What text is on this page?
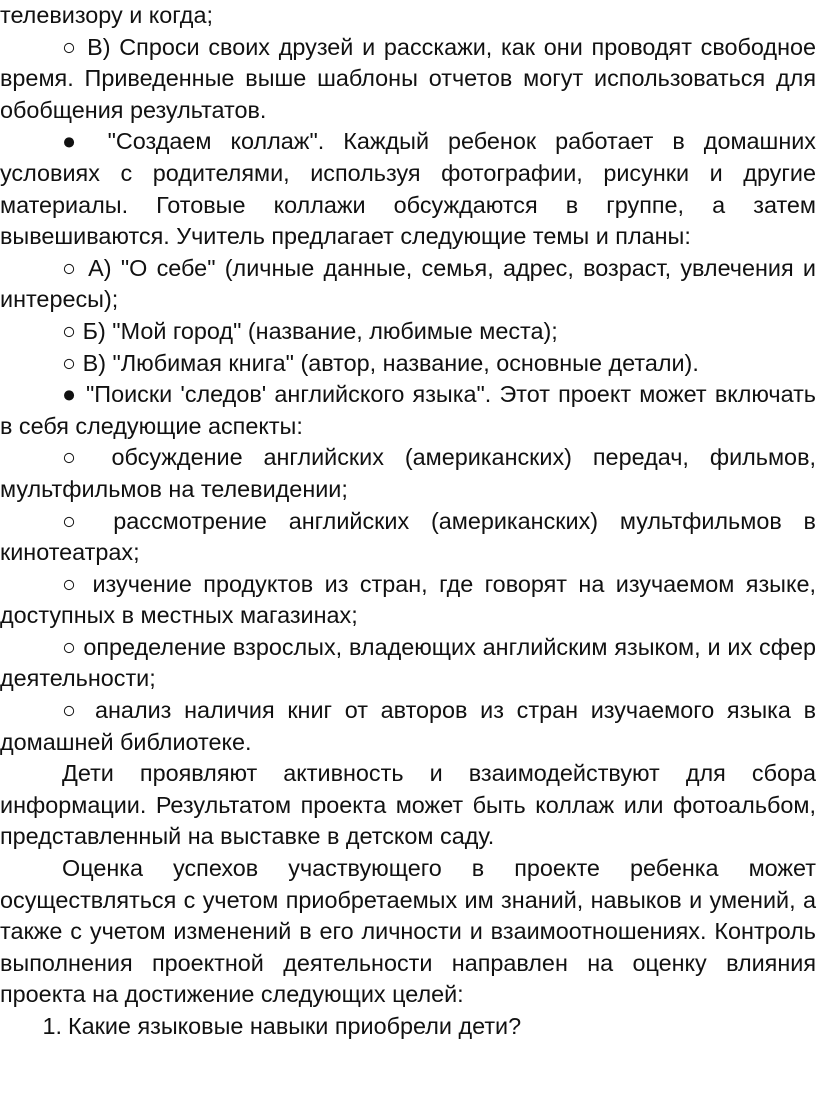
телевизору и когда;

○ В) Спроси своих друзей и расскажи, как они проводят свободное время. Приведенные выше шаблоны отчетов могут использоваться для обобщения результатов.

● "Создаем коллаж". Каждый ребенок работает в домашних условиях с родителями, используя фотографии, рисунки и другие материалы. Готовые коллажи обсуждаются в группе, а затем вывешиваются. Учитель предлагает следующие темы и планы:

○ А) "О себе" (личные данные, семья, адрес, возраст, увлечения и интересы);

○ Б) "Мой город" (название, любимые места);

○ В) "Любимая книга" (автор, название, основные детали).

● "Поиски 'следов' английского языка". Этот проект может включать в себя следующие аспекты:

○ обсуждение английских (американских) передач, фильмов, мультфильмов на телевидении;

○ рассмотрение английских (американских) мультфильмов в кинотеатрах;

○ изучение продуктов из стран, где говорят на изучаемом языке, доступных в местных магазинах;

○ определение взрослых, владеющих английским языком, и их сфер деятельности;

○ анализ наличия книг от авторов из стран изучаемого языка в домашней библиотеке.

Дети проявляют активность и взаимодействуют для сбора информации. Результатом проекта может быть коллаж или фотоальбом, представленный на выставке в детском саду.

Оценка успехов участвующего в проекте ребенка может осуществляться с учетом приобретаемых им знаний, навыков и умений, а также с учетом изменений в его личности и взаимоотношениях. Контроль выполнения проектной деятельности направлен на оценку влияния проекта на достижение следующих целей:

1. Какие языковые навыки приобрели дети?
